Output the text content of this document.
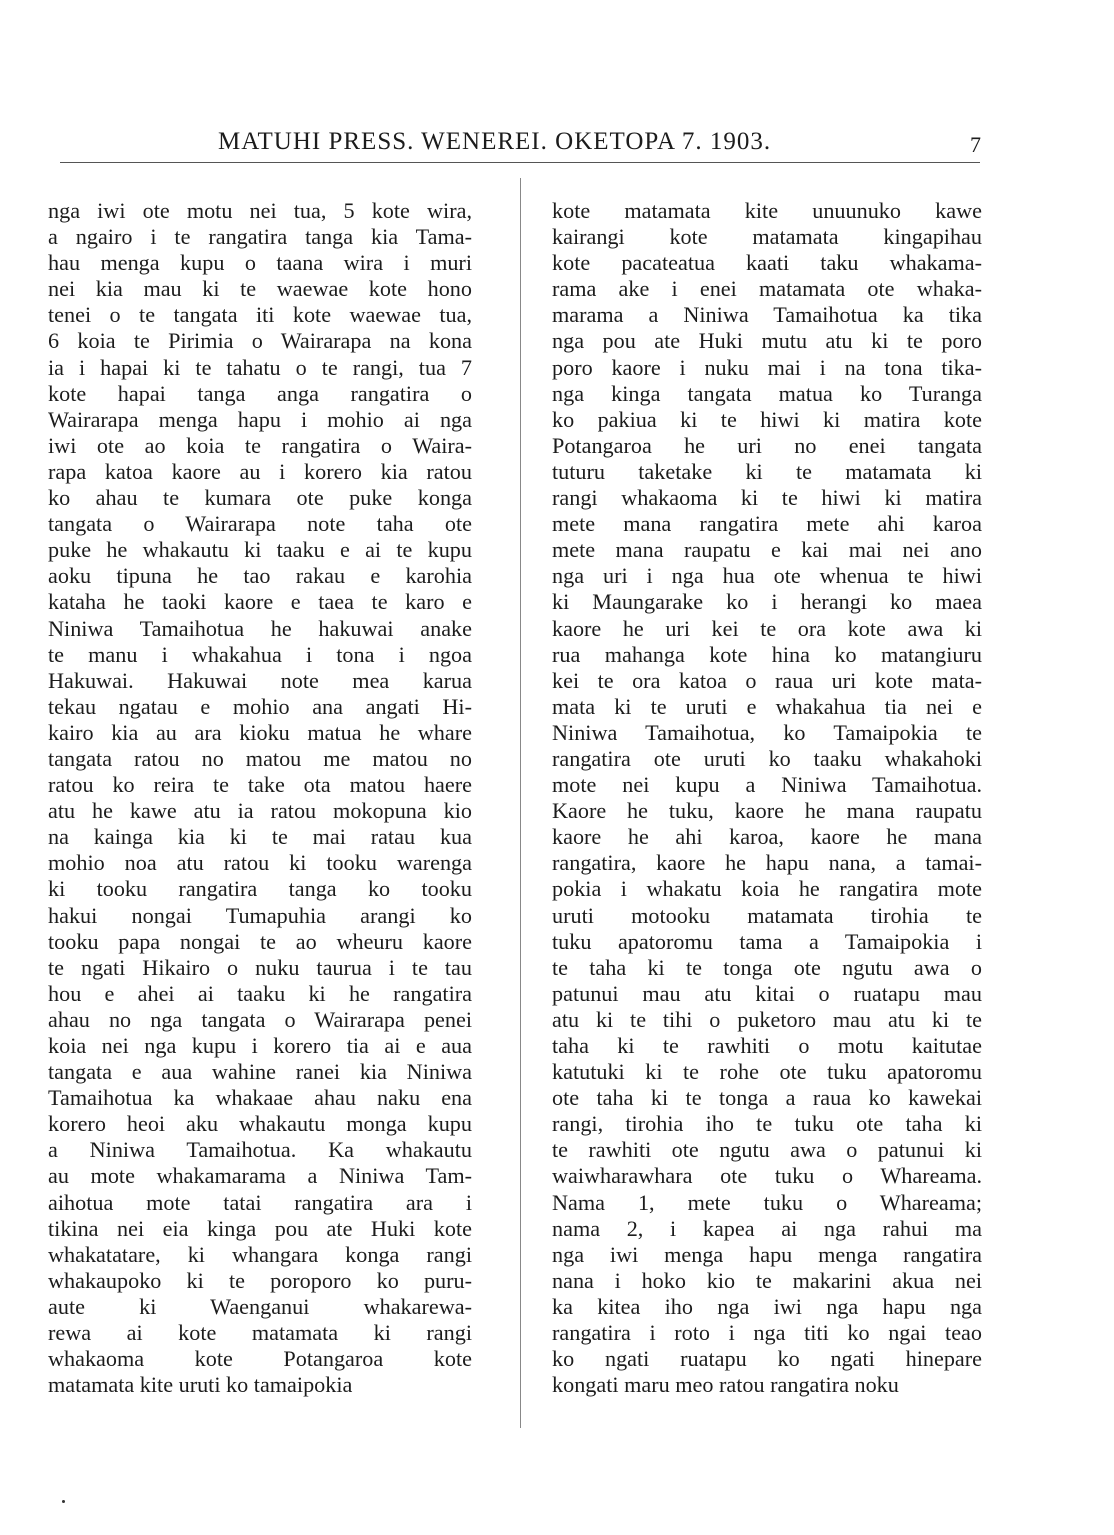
MATUHI PRESS. WENEREI. OKETOPA 7. 1903.	7
nga iwi ote motu nei tua, 5 kote wira,
a ngairo i te rangatira tanga kia Tama-
hau menga kupu o taana wira i muri
nei kia mau ki te waewae kote hono
tenei o te tangata iti kote waewae tua,
6 koia te Pirimia o Wairarapa na kona
ia i hapai ki te tahatu o te rangi, tua 7
kote hapai tanga anga rangatira o
Wairarapa menga hapu i mohio ai nga
iwi ote ao koia te rangatira o Waira-
rapa katoa kaore au i korero kia ratou
ko ahau te kumara ote puke konga
tangata o Wairarapa note taha ote
puke he whakautu ki taaku e ai te kupu
aoku tipuna he tao rakau e karohia
kataha he taoki kaore e taea te karo e
Niniwa Tamaihotua he hakuwai anake
te manu i whakahua i tona i ngoa
Hakuwai. Hakuwai note mea karua
tekau ngatau e mohio ana angati Hi-
kairo kia au ara kioku matua he whare
tangata ratou no matou me matou no
ratou ko reira te take ota matou haere
atu he kawe atu ia ratou mokopuna kio
na kainga kia ki te mai ratau kua
mohio noa atu ratou ki tooku warenga
ki tooku rangatira tanga ko tooku
hakui nongai Tumapuhia arangi ko
tooku papa nongai te ao wheuru kaore
te ngati Hikairo o nuku taurua i te tau
hou e ahei ai taaku ki he rangatira
ahau no nga tangata o Wairarapa penei
koia nei nga kupu i korero tia ai e aua
tangata e aua wahine ranei kia Niniwa
Tamaihotua ka whakaae ahau naku ena
korero heoi aku whakautu monga kupu
a Niniwa Tamaihotua. Ka whakautu
au mote whakamarama a Niniwa Tam-
aihotua mote tatai rangatira ara i
tikina nei eia kinga pou ate Huki kote
whakatatare, ki whangara konga rangi
whakaupoko ki te poroporo ko puru-
aute ki Waenganui whakarewa-
rewa ai kote matamata ki rangi
whakaoma kote Potangaroa kote
matamata kite uruti ko tamaipokia
kote matamata kite unuunuko kawe
kairangi kote matamata kingapihau
kote pacateatua kaati taku whakama-
rama ake i enei matamata ote whaka-
marama a Niniwa Tamaihotua ka tika
nga pou ate Huki mutu atu ki te poro
poro kaore i nuku mai i na tona tika-
nga kinga tangata matua ko Turanga
ko pakiua ki te hiwi ki matira kote
Potangaroa he uri no enei tangata
tuturu taketake ki te matamata ki
rangi whakaoma ki te hiwi ki matira
mete mana rangatira mete ahi karoa
mete mana raupatu e kai mai nei ano
nga uri i nga hua ote whenua te hiwi
ki Maungarake ko i herangi ko maea
kaore he uri kei te ora kote awa ki
rua mahanga kote hina ko matangiuru
kei te ora katoa o raua uri kote mata-
mata ki te uruti e whakahua tia nei e
Niniwa Tamaihotua, ko Tamaipokia te
rangatira ote uruti ko taaku whakahoki
mote nei kupu a Niniwa Tamaihotua.
Kaore he tuku, kaore he mana raupatu
kaore he ahi karoa, kaore he mana
rangatira, kaore he hapu nana, a tamai-
pokia i whakatu koia he rangatira mote
uruti motooku matamata tirohia te
tuku apatoromu tama a Tamaipokia i
te taha ki te tonga ote ngutu awa o
patunui mau atu kitai o ruatapu mau
atu ki te tihi o puketoro mau atu ki te
taha ki te rawhiti o motu kaitutae
katutuki ki te rohe ote tuku apatoromu
ote taha ki te tonga a raua ko kawekai
rangi, tirohia iho te tuku ote taha ki
te rawhiti ote ngutu awa o patunui ki
waiwharawhara ote tuku o Whareama.
Nama 1, mete tuku o Whareama;
nama 2, i kapea ai nga rahui ma
nga iwi menga hapu menga rangatira
nana i hoko kio te makarini akua nei
ka kitea iho nga iwi nga hapu nga
rangatira i roto i nga titi ko ngai teao
ko ngati ruatapu ko ngati hinepare
kongati maru meo ratou rangatira noku
